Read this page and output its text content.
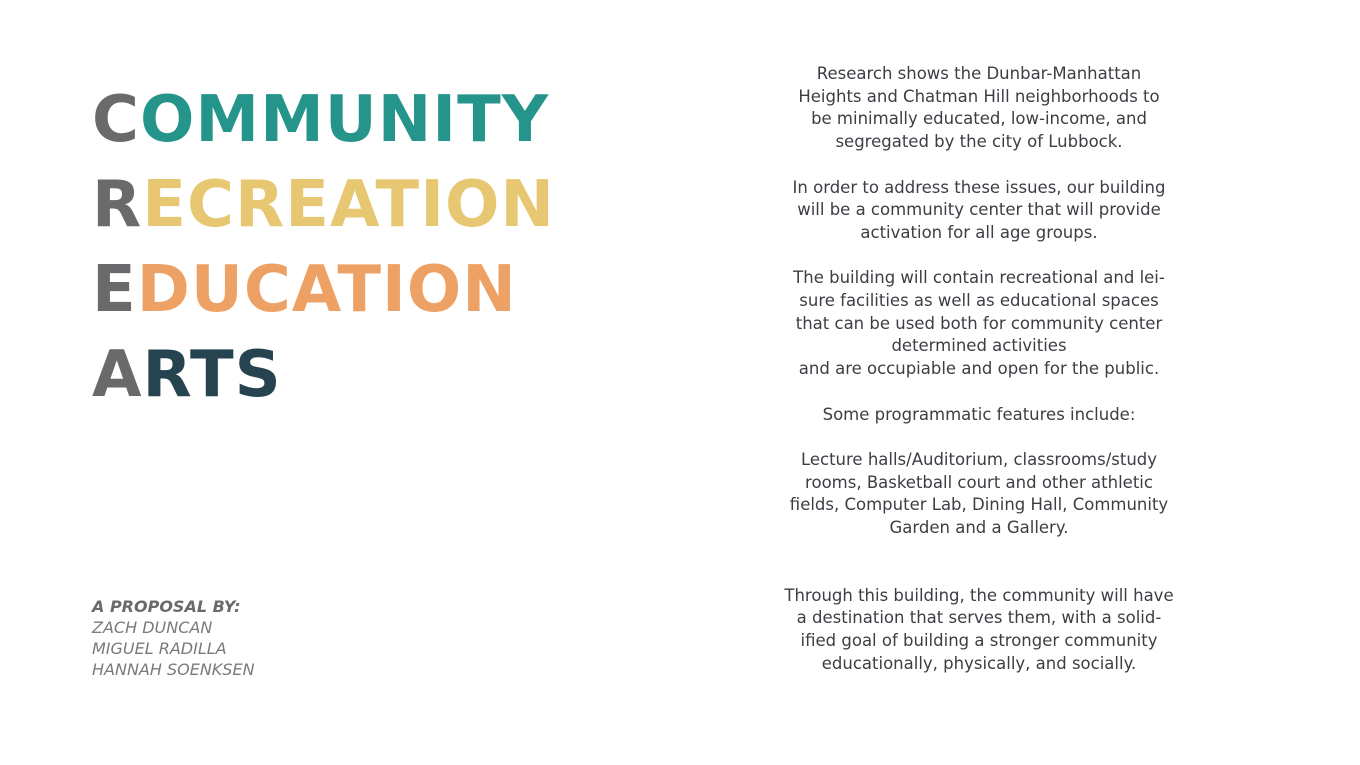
COMMUNITY
RECREATION
EDUCATION
ARTS
A PROPOSAL BY:
ZACH DUNCAN
MIGUEL RADILLA
HANNAH SOENKSEN

Research shows the Dunbar-Manhattan

Heights and Chatman Hill neighborhoods to

be minimally educated, low-income, and

segregated by the city of Lubbock.

In order to address these issues, our building

will be a community center that will provide

activation for all age groups.

The building will contain recreational and lei-

sure facilities as well as educational spaces

that can be used both for community center

determined activities

and are occupiable and open for the public.

Some programmatic features include:

Lecture halls/Auditorium, classrooms/study

rooms, Basketball court and other athletic

fields, Computer Lab, Dining Hall, Community

Garden and a Gallery.

Through this building, the community will have

a destination that serves them, with a solid-

ified goal of building a stronger community

educationally, physically, and socially.
